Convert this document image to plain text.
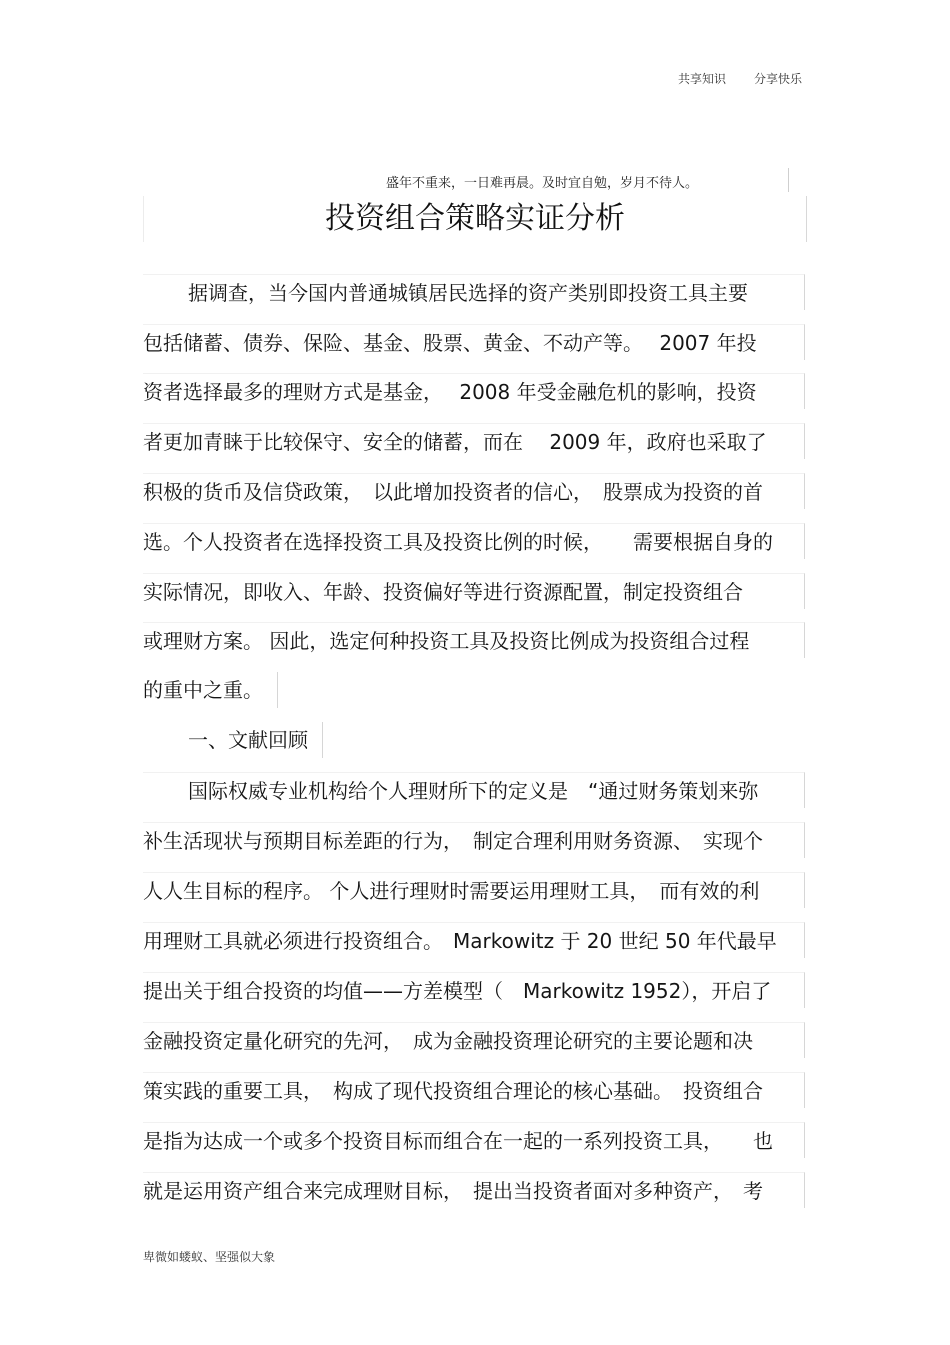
共享知识 分享快乐
盛年不重来，一日难再晨。及时宜自勉，岁月不待人。
投资组合策略实证分析
据调查，当今国内普通城镇居民选择的资产类别即投资工具主要
包括储蓄、债券、保险、基金、股票、黄金、不动产等。　 2007 年投
资者选择最多的理财方式是基金，　 2008 年受金融危机的影响，投资
者更加青睐于比较保守、安全的储蓄，而在　 2009 年，政府也采取了
积极的货币及信贷政策，　以此增加投资者的信心，　股票成为投资的首
选。个人投资者在选择投资工具及投资比例的时候，　　需要根据自身的
实际情况，即收入、年龄、投资偏好等进行资源配置，制定投资组合
或理财方案。 因此，选定何种投资工具及投资比例成为投资组合过程
的重中之重。
一、文献回顾
国际权威专业机构给个人理财所下的定义是　“通过财务策划来弥
补生活现状与预期目标差距的行为，　制定合理利用财务资源、　实现个
人人生目标的程序。 个人进行理财时需要运用理财工具，　而有效的利
用理财工具就必须进行投资组合。　Markowitz 于 20 世纪 50 年代最早
提出关于组合投资的均值——方差模型（　Markowitz 1952），开启了
金融投资定量化研究的先河，　成为金融投资理论研究的主要论题和决
策实践的重要工具，　构成了现代投资组合理论的核心基础。　投资组合
是指为达成一个或多个投资目标而组合在一起的一系列投资工具，　　也
就是运用资产组合来完成理财目标，　提出当投资者面对多种资产，　考
卑微如蝼蚁、坚强似大象
